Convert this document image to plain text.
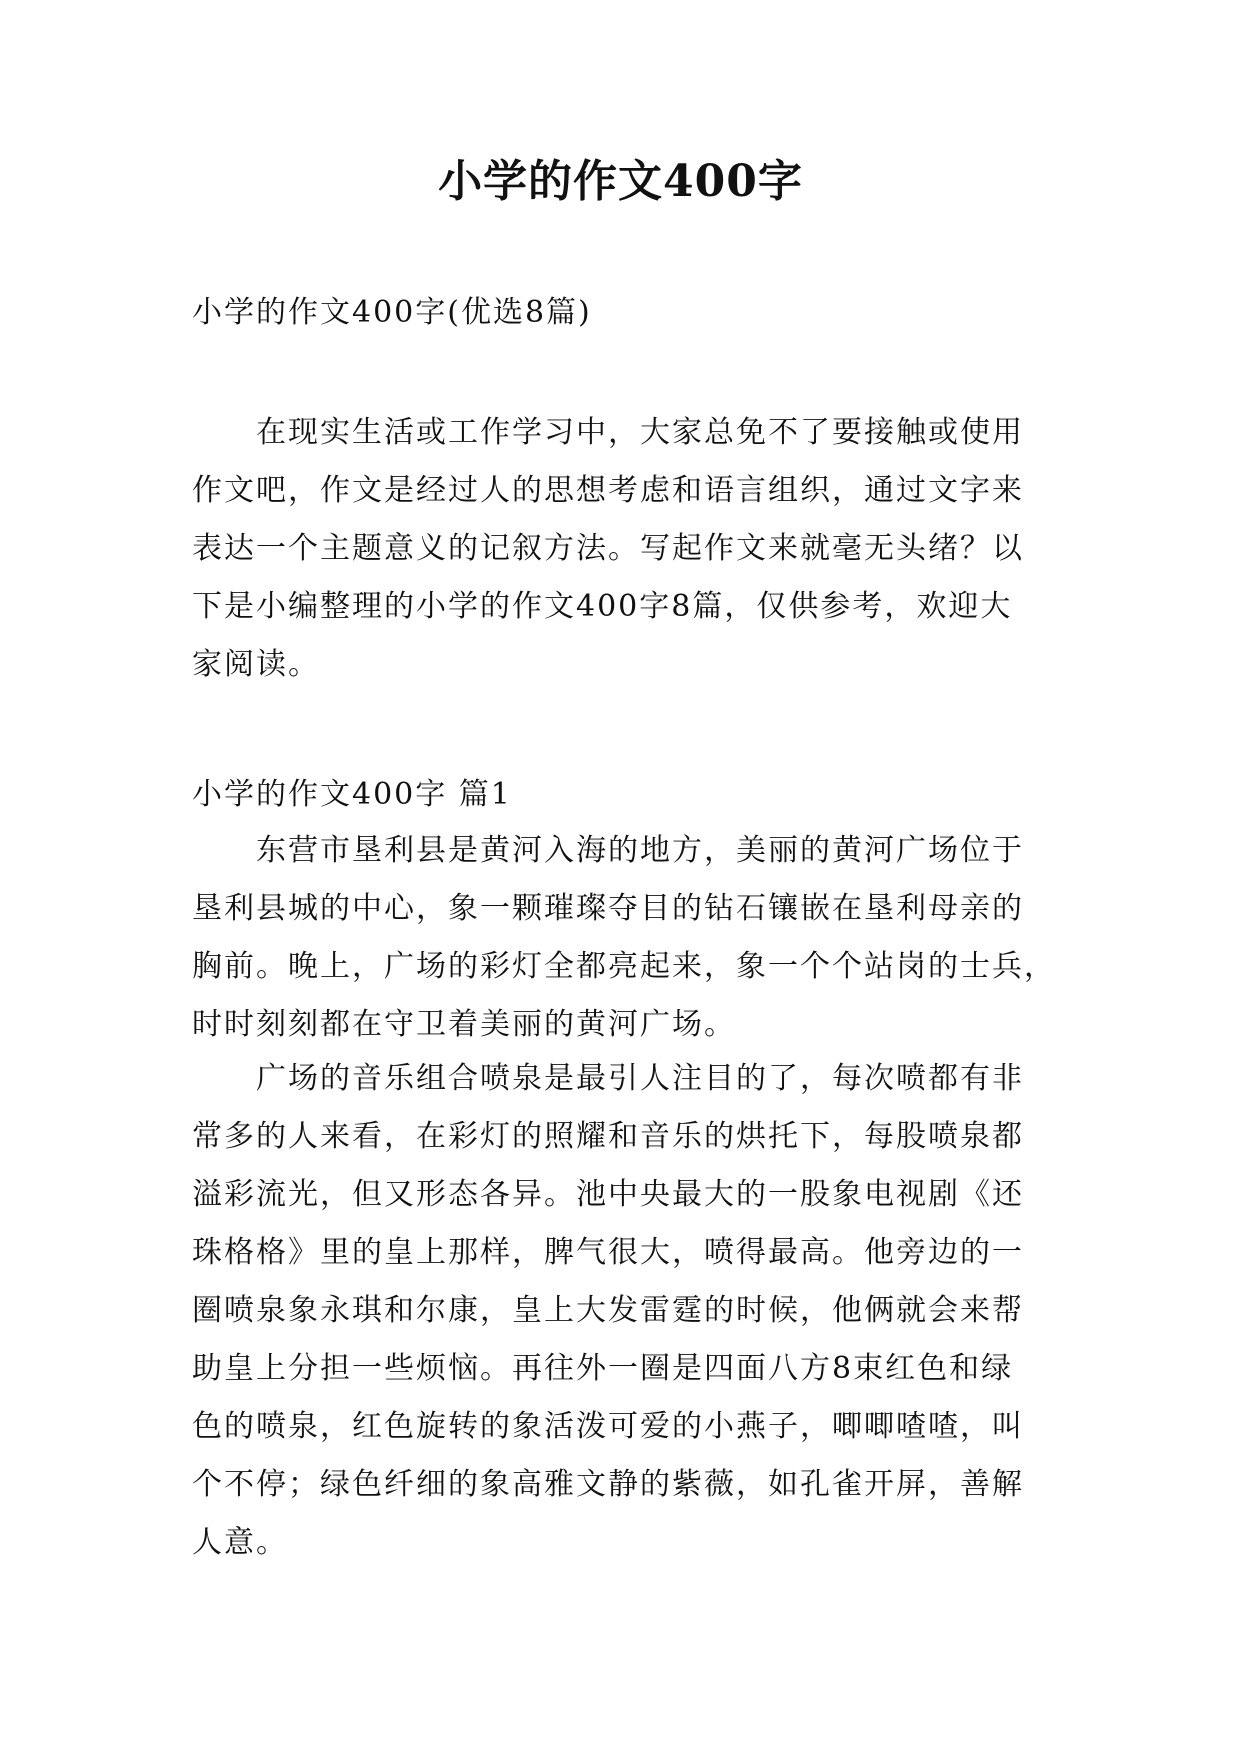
小学的作文400字
小学的作文400字(优选8篇)
在现实生活或工作学习中，大家总免不了要接触或使用
作文吧，作文是经过人的思想考虑和语言组织，通过文字来
表达一个主题意义的记叙方法。写起作文来就毫无头绪？以
下是小编整理的小学的作文400字8篇，仅供参考，欢迎大
家阅读。
小学的作文400字 篇1
东营市垦利县是黄河入海的地方，美丽的黄河广场位于
垦利县城的中心，象一颗璀璨夺目的钻石镶嵌在垦利母亲的
胸前。晚上，广场的彩灯全都亮起来，象一个个站岗的士兵，
时时刻刻都在守卫着美丽的黄河广场。
广场的音乐组合喷泉是最引人注目的了，每次喷都有非
常多的人来看，在彩灯的照耀和音乐的烘托下，每股喷泉都
溢彩流光，但又形态各异。池中央最大的一股象电视剧《还
珠格格》里的皇上那样，脾气很大，喷得最高。他旁边的一
圈喷泉象永琪和尔康，皇上大发雷霆的时候，他俩就会来帮
助皇上分担一些烦恼。再往外一圈是四面八方8束红色和绿
色的喷泉，红色旋转的象活泼可爱的小燕子，唧唧喳喳，叫
个不停；绿色纤细的象高雅文静的紫薇，如孔雀开屏，善解
人意。
